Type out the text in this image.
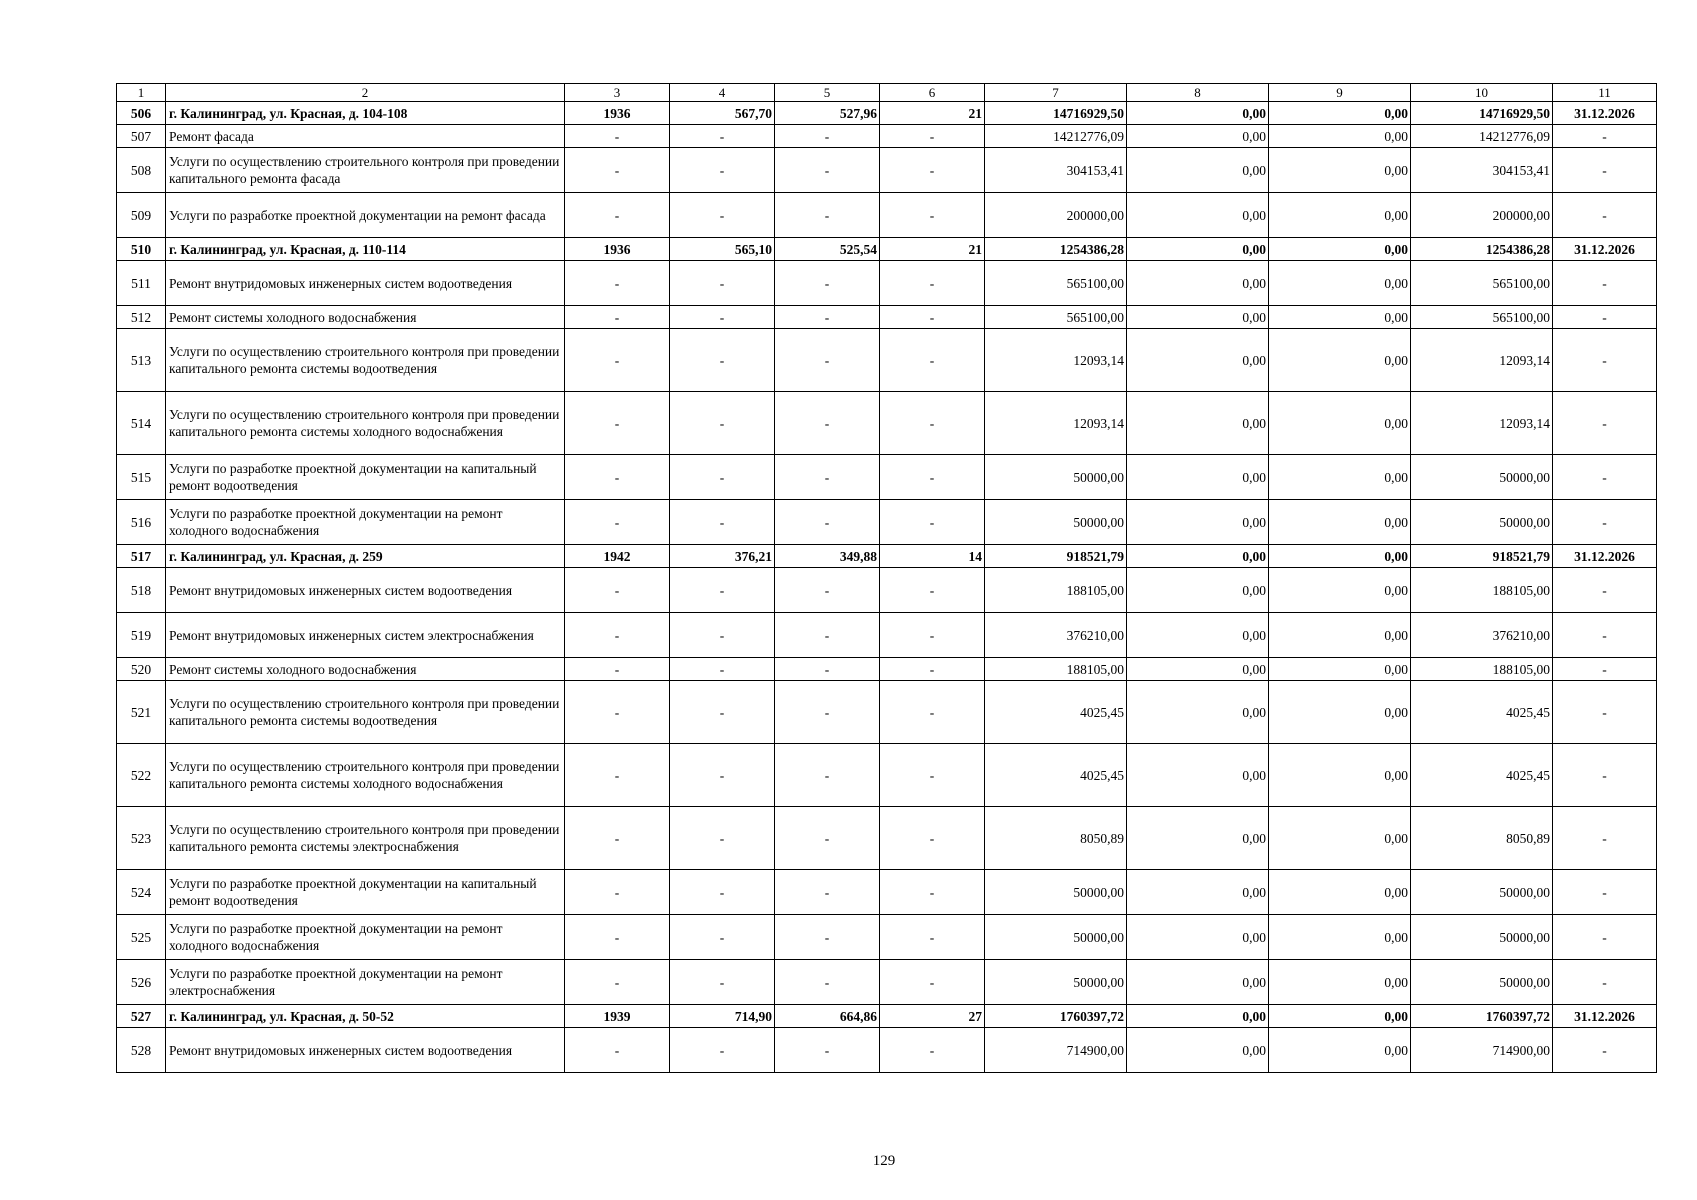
1	2	3	4	5	6	7	8	9	10	11
506	г. Калининград, ул. Красная, д. 104-108	1936	567,70	527,96	21	14716929,50	0,00	0,00	14716929,50	31.12.2026
507	Ремонт фасада	-	-	-	-	14212776,09	0,00	0,00	14212776,09	-
508	Услуги по осуществлению строительного контроля при проведении капитального ремонта фасада	-	-	-	-	304153,41	0,00	0,00	304153,41	-
509	Услуги по разработке проектной документации на ремонт фасада	-	-	-	-	200000,00	0,00	0,00	200000,00	-
510	г. Калининград, ул. Красная, д. 110-114	1936	565,10	525,54	21	1254386,28	0,00	0,00	1254386,28	31.12.2026
511	Ремонт внутридомовых инженерных систем водоотведения	-	-	-	-	565100,00	0,00	0,00	565100,00	-
512	Ремонт системы холодного водоснабжения	-	-	-	-	565100,00	0,00	0,00	565100,00	-
513	Услуги по осуществлению строительного контроля при проведении капитального ремонта системы водоотведения	-	-	-	-	12093,14	0,00	0,00	12093,14	-
514	Услуги по осуществлению строительного контроля при проведении капитального ремонта системы холодного водоснабжения	-	-	-	-	12093,14	0,00	0,00	12093,14	-
515	Услуги по разработке проектной документации на капитальный ремонт водоотведения	-	-	-	-	50000,00	0,00	0,00	50000,00	-
516	Услуги по разработке проектной документации на ремонт холодного водоснабжения	-	-	-	-	50000,00	0,00	0,00	50000,00	-
517	г. Калининград, ул. Красная, д. 259	1942	376,21	349,88	14	918521,79	0,00	0,00	918521,79	31.12.2026
518	Ремонт внутридомовых инженерных систем водоотведения	-	-	-	-	188105,00	0,00	0,00	188105,00	-
519	Ремонт внутридомовых инженерных систем электроснабжения	-	-	-	-	376210,00	0,00	0,00	376210,00	-
520	Ремонт системы холодного водоснабжения	-	-	-	-	188105,00	0,00	0,00	188105,00	-
521	Услуги по осуществлению строительного контроля при проведении капитального ремонта системы водоотведения	-	-	-	-	4025,45	0,00	0,00	4025,45	-
522	Услуги по осуществлению строительного контроля при проведении капитального ремонта системы холодного водоснабжения	-	-	-	-	4025,45	0,00	0,00	4025,45	-
523	Услуги по осуществлению строительного контроля при проведении капитального ремонта системы электроснабжения	-	-	-	-	8050,89	0,00	0,00	8050,89	-
524	Услуги по разработке проектной документации на капитальный ремонт водоотведения	-	-	-	-	50000,00	0,00	0,00	50000,00	-
525	Услуги по разработке проектной документации на ремонт холодного водоснабжения	-	-	-	-	50000,00	0,00	0,00	50000,00	-
526	Услуги по разработке проектной документации на ремонт электроснабжения	-	-	-	-	50000,00	0,00	0,00	50000,00	-
527	г. Калининград, ул. Красная, д. 50-52	1939	714,90	664,86	27	1760397,72	0,00	0,00	1760397,72	31.12.2026
528	Ремонт внутридомовых инженерных систем водоотведения	-	-	-	-	714900,00	0,00	0,00	714900,00	-
129
